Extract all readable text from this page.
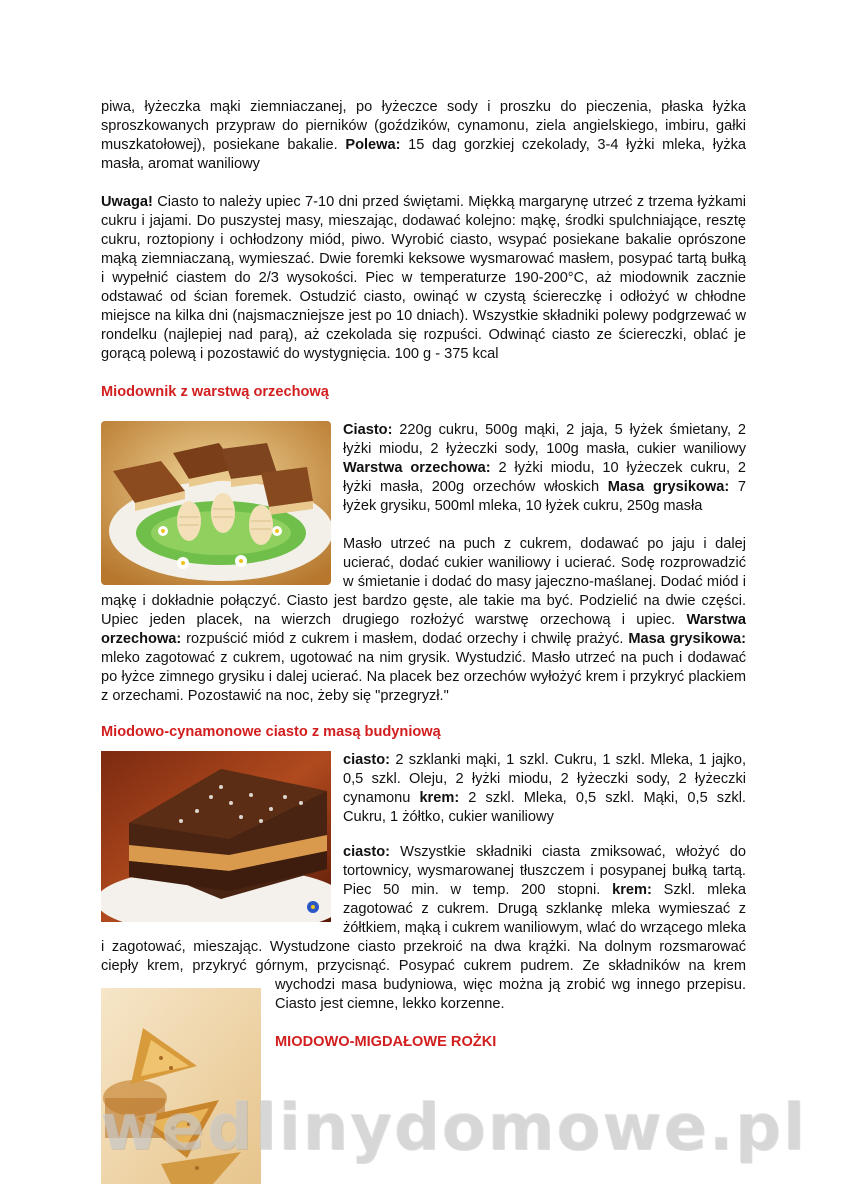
piwa, łyżeczka mąki ziemniaczanej, po łyżeczce sody i proszku do pieczenia, płaska łyżka sproszkowanych przypraw do pierników (goździków, cynamonu, ziela angielskiego, imbiru, gałki muszkatołowej), posiekane bakalie. Polewa: 15 dag gorzkiej czekolady, 3-4 łyżki mleka, łyżka masła, aromat waniliowy

Uwaga! Ciasto to należy upiec 7-10 dni przed świętami. Miękką margarynę utrzeć z trzema łyżkami cukru i jajami. Do puszystej masy, mieszając, dodawać kolejno: mąkę, środki spulchniające, resztę cukru, roztopiony i ochłodzony miód, piwo. Wyrobić ciasto, wsypać posiekane bakalie oprószone mąką ziemniaczaną, wymieszać. Dwie foremki keksowe wysmarować masłem, posypać tartą bułką i wypełnić ciastem do 2/3 wysokości. Piec w temperaturze 190-200°C, aż miodownik zacznie odstawać od ścian foremek. Ostudzić ciasto, owinąć w czystą ściereczkę i odłożyć w chłodne miejsce na kilka dni (najsmaczniejsze jest po 10 dniach). Wszystkie składniki polewy podgrzewać w rondelku (najlepiej nad parą), aż czekolada się rozpuści. Odwinąć ciasto ze ściereczki, oblać je gorącą polewą i pozostawić do wystygnięcia. 100 g - 375 kcal

Miodownik z warstwą orzechową

Ciasto: 220g cukru, 500g mąki, 2 jaja, 5 łyżek śmietany, 2 łyżki miodu, 2 łyżeczki sody, 100g masła, cukier waniliowy Warstwa orzechowa: 2 łyżki miodu, 10 łyżeczek cukru, 2 łyżki masła, 200g orzechów włoskich Masa grysikowa: 7 łyżek grysiku, 500ml mleka, 10 łyżek cukru, 250g masła

Masło utrzeć na puch z cukrem, dodawać po jaju i dalej ucierać, dodać cukier waniliowy i ucierać. Sodę rozprowadzić w śmietanie i dodać do masy jajeczno-maślanej. Dodać miód i mąkę i dokładnie połączyć. Ciasto jest bardzo gęste, ale takie ma być. Podzielić na dwie części. Upiec jeden placek, na wierzch drugiego rozłożyć warstwę orzechową i upiec. Warstwa orzechowa: rozpuścić miód z cukrem i masłem, dodać orzechy i chwilę prażyć. Masa grysikowa: mleko zagotować z cukrem, ugotować na nim grysik. Wystudzić. Masło utrzeć na puch i dodawać po łyżce zimnego grysiku i dalej ucierać. Na placek bez orzechów wyłożyć krem i przykryć plackiem z orzechami. Pozostawić na noc, żeby się "przegryzł."

Miodowo-cynamonowe ciasto z masą budyniową

ciasto: 2 szklanki mąki, 1 szkl. Cukru, 1 szkl. Mleka, 1 jajko, 0,5 szkl. Oleju, 2 łyżki miodu, 2 łyżeczki sody, 2 łyżeczki cynamonu krem: 2 szkl. Mleka, 0,5 szkl. Mąki, 0,5 szkl. Cukru, 1 żółtko, cukier waniliowy

ciasto: Wszystkie składniki ciasta zmiksować, włożyć do tortownicy, wysmarowanej tłuszczem i posypanej bułką tartą. Piec 50 min. w temp. 200 stopni. krem: Szkl. mleka zagotować z cukrem. Drugą szklankę mleka wymieszać z żółtkiem, mąką i cukrem waniliowym, wlać do wrzącego mleka i zagotować, mieszając. Wystudzone ciasto przekroić na dwa krążki. Na dolnym rozsmarować ciepły krem, przykryć górnym, przycisnąć. Posypać cukrem pudrem. Ze składników na krem wychodzi masa budyniowa, więc można ją zrobić wg innego przepisu. Ciasto jest ciemne, lekko korzenne.

MIODOWO-MIGDAŁOWE ROŻKI
wedlinydomowe.pl
